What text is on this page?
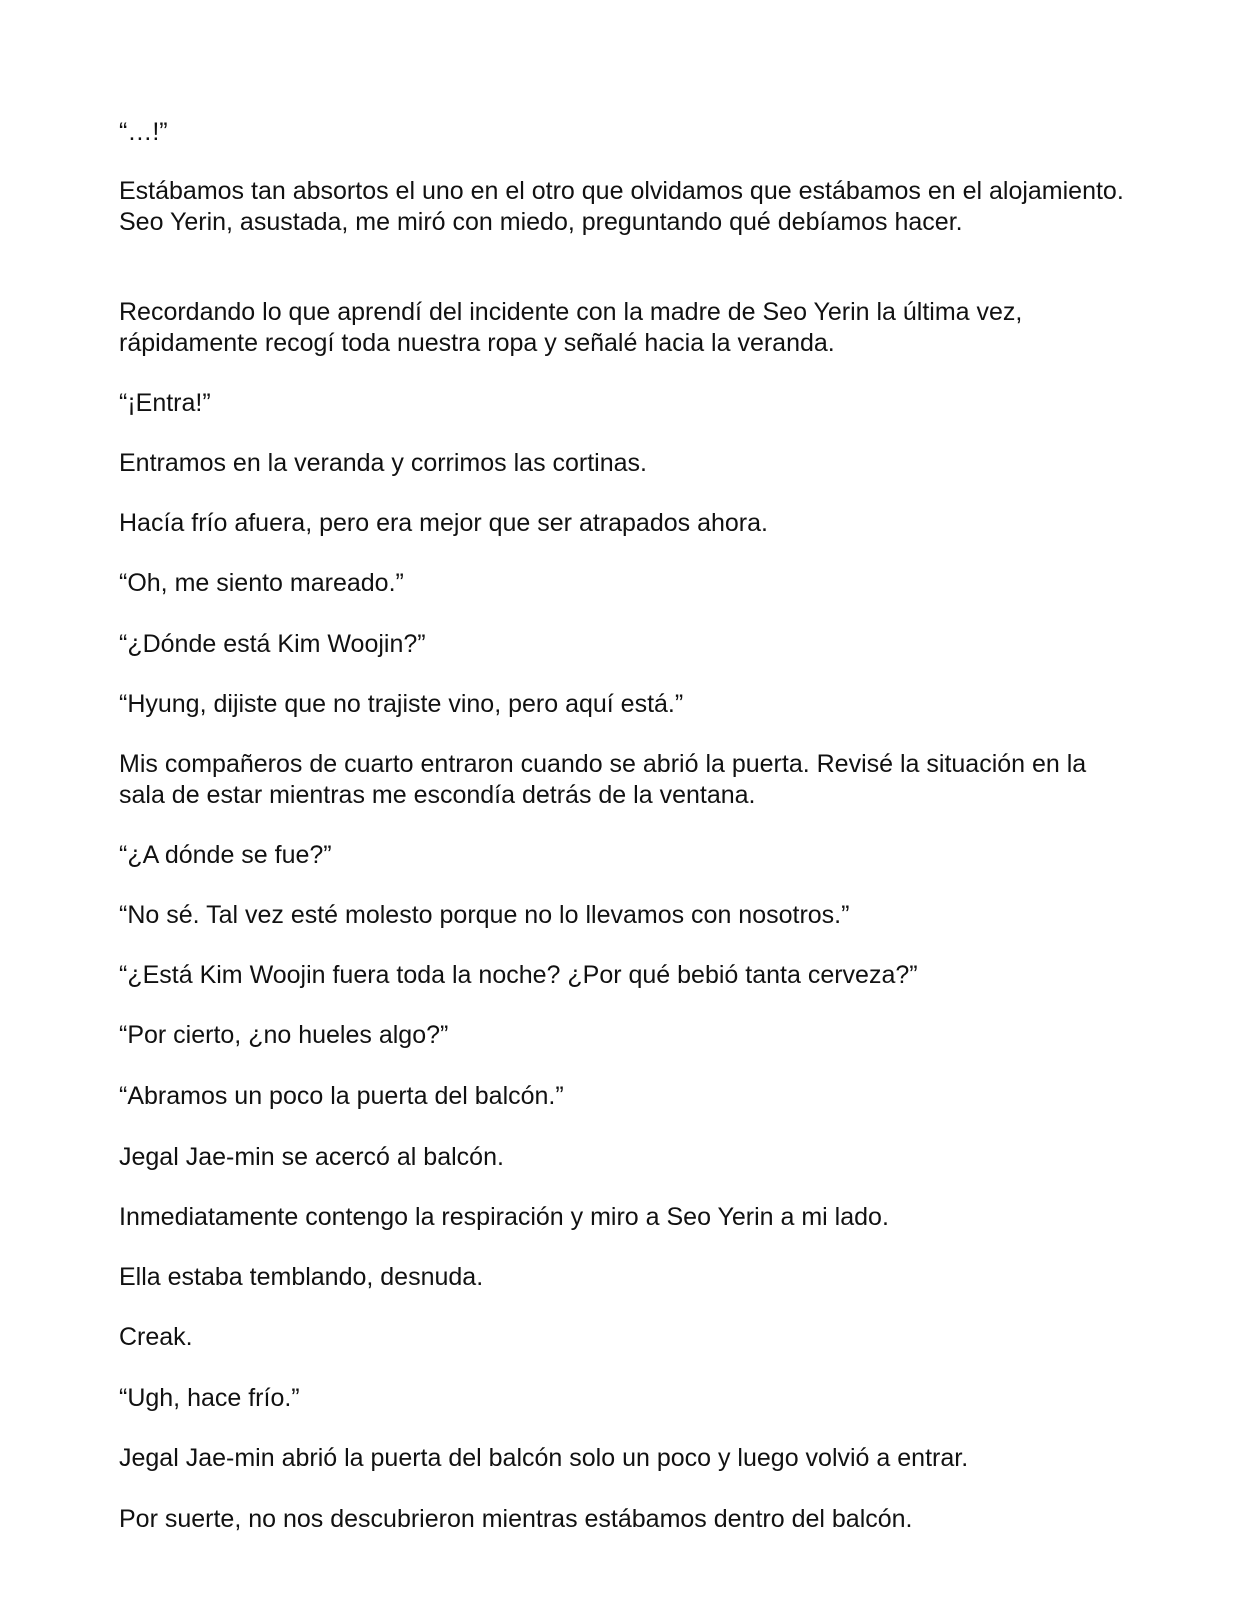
“…!”

Estábamos tan absortos el uno en el otro que olvidamos que estábamos en el alojamiento. Seo Yerin, asustada, me miró con miedo, preguntando qué debíamos hacer.

Recordando lo que aprendí del incidente con la madre de Seo Yerin la última vez, rápidamente recogí toda nuestra ropa y señalé hacia la veranda.

“¡Entra!”

Entramos en la veranda y corrimos las cortinas.

Hacía frío afuera, pero era mejor que ser atrapados ahora.

“Oh, me siento mareado.”

“¿Dónde está Kim Woojin?”

“Hyung, dijiste que no trajiste vino, pero aquí está.”

Mis compañeros de cuarto entraron cuando se abrió la puerta. Revisé la situación en la sala de estar mientras me escondía detrás de la ventana.

“¿A dónde se fue?”

“No sé. Tal vez esté molesto porque no lo llevamos con nosotros.”

“¿Está Kim Woojin fuera toda la noche? ¿Por qué bebió tanta cerveza?”

“Por cierto, ¿no hueles algo?”

“Abramos un poco la puerta del balcón.”

Jegal Jae-min se acercó al balcón.

Inmediatamente contengo la respiración y miro a Seo Yerin a mi lado.

Ella estaba temblando, desnuda.

Creak.

“Ugh, hace frío.”

Jegal Jae-min abrió la puerta del balcón solo un poco y luego volvió a entrar.

Por suerte, no nos descubrieron mientras estábamos dentro del balcón.
